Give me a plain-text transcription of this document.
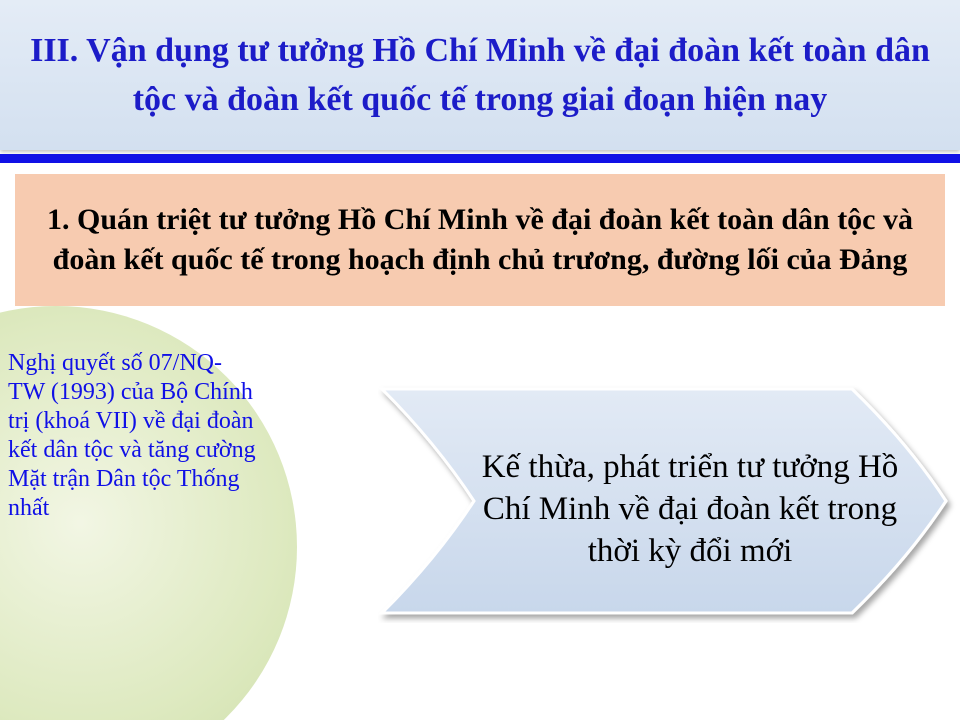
III. Vận dụng tư tưởng Hồ Chí Minh về đại đoàn kết toàn dân tộc và đoàn kết quốc tế trong giai đoạn hiện nay
1. Quán triệt tư tưởng Hồ Chí Minh về đại đoàn kết toàn dân tộc và đoàn kết quốc tế trong hoạch định chủ trương, đường lối của Đảng

Nghị quyết số 07/NQ-TW (1993) của Bộ Chính trị (khoá VII) về đại đoàn kết dân tộc và tăng cường Mặt trận Dân tộc Thống nhất

Kế thừa, phát triển tư tưởng Hồ Chí Minh về đại đoàn kết trong thời kỳ đổi mới
